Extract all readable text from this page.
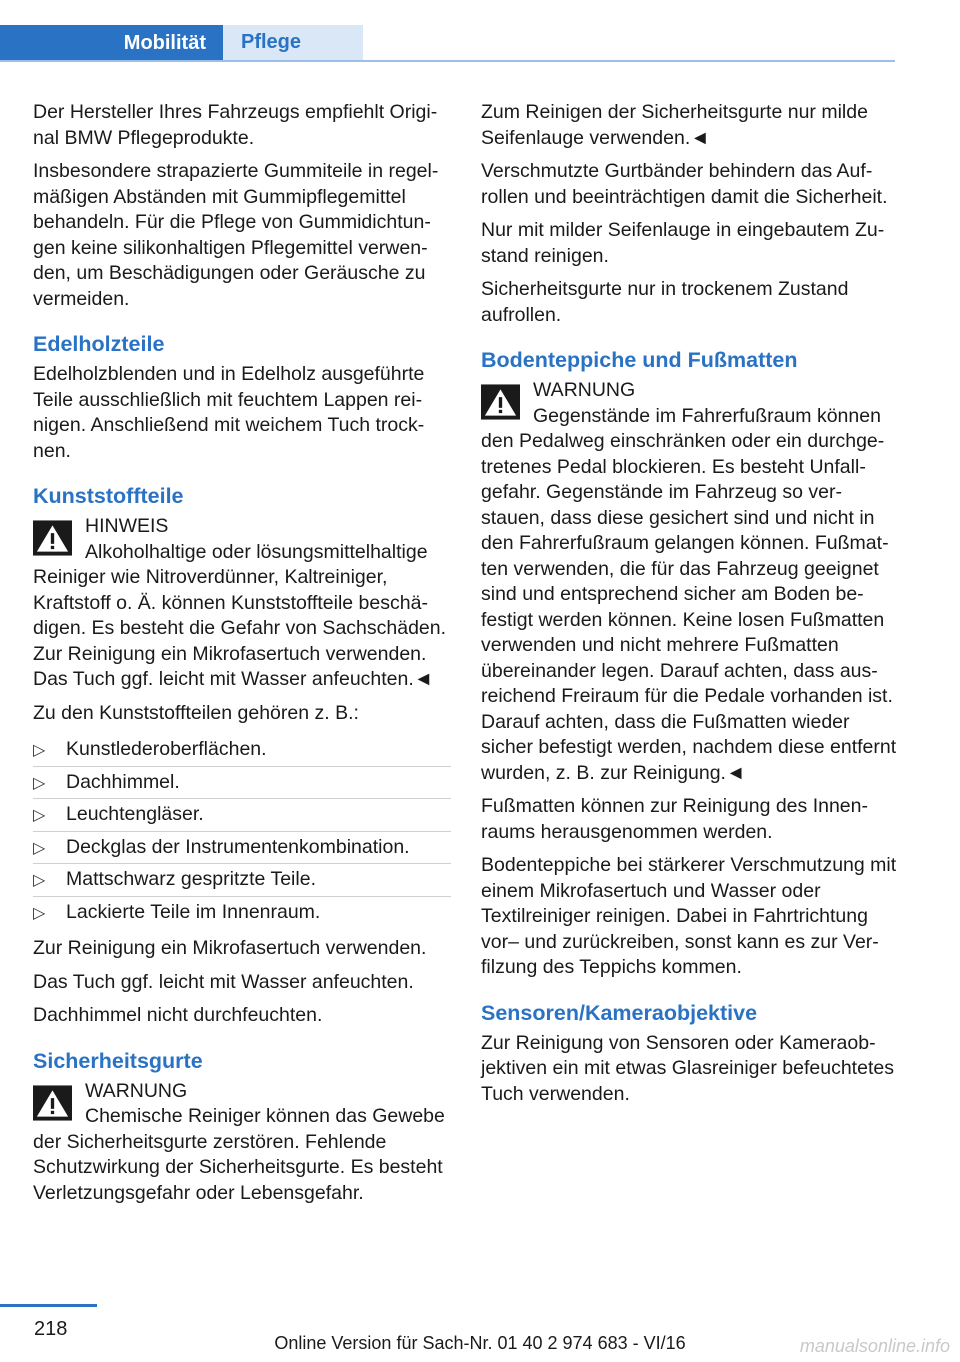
Mobilität	Pflege

Der Hersteller Ihres Fahrzeugs empfiehlt Original BMW Pflegeprodukte.

Insbesondere strapazierte Gummiteile in regelmäßigen Abständen mit Gummipflegemittel behandeln. Für die Pflege von Gummidichtungen keine silikonhaltigen Pflegemittel verwenden, um Beschädigungen oder Geräusche zu vermeiden.

Edelholzteile

Edelholzblenden und in Edelholz ausgeführte Teile ausschließlich mit feuchtem Lappen reinigen. Anschließend mit weichem Tuch trocknen.

Kunststoffteile
HINWEIS
Alkoholhaltige oder lösungsmittelhaltige
Reiniger wie Nitroverdünner, Kaltreiniger, Kraftstoff o. Ä. können Kunststoffteile beschädigen. Es besteht die Gefahr von Sachschäden. Zur Reinigung ein Mikrofasertuch verwenden. Das Tuch ggf. leicht mit Wasser anfeuchten.◄

Zu den Kunststoffteilen gehören z. B.:

▷ Kunstlederoberflächen.
▷ Dachhimmel.
▷ Leuchtengläser.
▷ Deckglas der Instrumentenkombination.
▷ Mattschwarz gespritzte Teile.
▷ Lackierte Teile im Innenraum.

Zur Reinigung ein Mikrofasertuch verwenden.

Das Tuch ggf. leicht mit Wasser anfeuchten.

Dachhimmel nicht durchfeuchten.

Sicherheitsgurte
WARNUNG
Chemische Reiniger können das Gewebe
der Sicherheitsgurte zerstören. Fehlende Schutzwirkung der Sicherheitsgurte. Es besteht Verletzungsgefahr oder Lebensgefahr.

Zum Reinigen der Sicherheitsgurte nur milde Seifenlauge verwenden.◄

Verschmutzte Gurtbänder behindern das Aufrollen und beeinträchtigen damit die Sicherheit.

Nur mit milder Seifenlauge in eingebautem Zustand reinigen.

Sicherheitsgurte nur in trockenem Zustand aufrollen.

Bodenteppiche und Fußmatten
WARNUNG
Gegenstände im Fahrerfußraum können
den Pedalweg einschränken oder ein durchgetretenes Pedal blockieren. Es besteht Unfallgefahr. Gegenstände im Fahrzeug so verstauen, dass diese gesichert sind und nicht in den Fahrerfußraum gelangen können. Fußmatten verwenden, die für das Fahrzeug geeignet sind und entsprechend sicher am Boden befestigt werden können. Keine losen Fußmatten verwenden und nicht mehrere Fußmatten übereinander legen. Darauf achten, dass ausreichend Freiraum für die Pedale vorhanden ist. Darauf achten, dass die Fußmatten wieder sicher befestigt werden, nachdem diese entfernt wurden, z. B. zur Reinigung.◄

Fußmatten können zur Reinigung des Innenraums herausgenommen werden.

Bodenteppiche bei stärkerer Verschmutzung mit einem Mikrofasertuch und Wasser oder Textilreiniger reinigen. Dabei in Fahrtrichtung vor– und zurückreiben, sonst kann es zur Verfilzung des Teppichs kommen.

Sensoren/Kameraobjektive

Zur Reinigung von Sensoren oder Kameraobjektiven ein mit etwas Glasreiniger befeuchtetes Tuch verwenden.

218
Online Version für Sach-Nr. 01 40 2 974 683 - VI/16	manualsonline.info
